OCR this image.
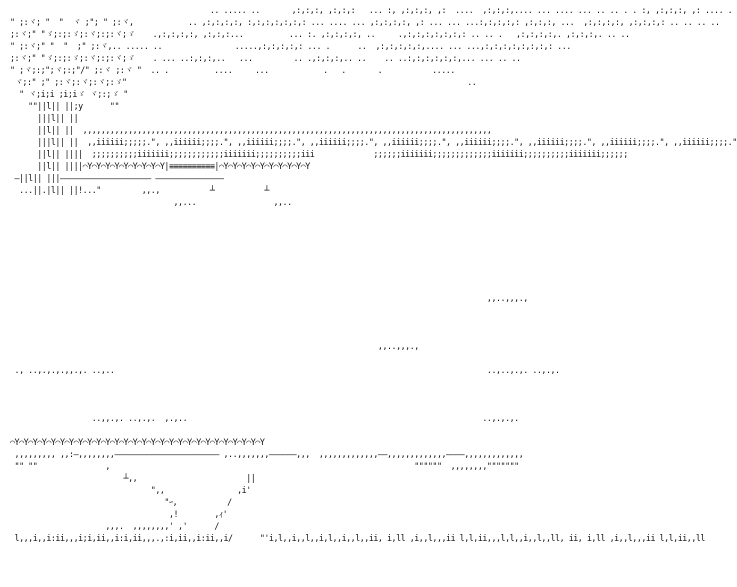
.. ..... ..       ,:,:,:, ,:,:,:   ... :, ,:,:,:, ,:  ....  ,:,:,:,.... ... .... ... .. .. . . :, ,:,:,:, ,: .... .
" ;:ヾ; "  "  ヾ ;"; " ;:ヾ,            .. ,:,:,:,:, :,:,:,:,:,:,: ... .... ... ,:,:,:,:, ,: ... ... ...:,:,:,:,: ,:,:,:, ...  ,:,:,:,:, ,:,:,:,: .. .. .. ..
;:ヾ;" "ゞ;:;:ゞ;:ヾ;:;:ヾ;ゞ    .,:,:,:,:, ,:,:,:...          ... :. ,:,:,:,:, ..     .,:,:,:,:,:,:,: .. .. .   ,:,:,:,:,. ,:,:,:,. .. ..
" ;:ヾ;" "  "  ;" ;:ヾ,.. ..... ..                .....,:,:,:,:,: ... .      ..  ,:,:,:,:,:,.... ... ...,:,:,:,:,:,:,:,: ...
;:ヾ;" "ゞ;:;:ゞ;:ヾ;:;:ヾ;ゞ    . ... ..:,:,:,..   ...         .. .,:,:,:,.. ..    .. ..:,:,:,:,:,:,... ... .. ..
" ;ヾ;:;";ヾ;:;"/" ;:ヾ ;:ヾ "  .. .          ....     ...            .   .       .           .....
ヾ;:" ;" ;:ヾ;:ヾ;:ヾ;:ゞ"                                                                           ..
" ヾ;i;i ;i;iゞ ヾ;:;ゞ "
""||l|| ||;y      ""
|||l|| ||
||l|| ||  ,,,,,,,,,,,,,,,,,,,,,,,,,,,,,,,,,,,,,,,,,,,,,,,,,,,,,,,,,,,,,,,,,,,,,,,,,,,,,,,,,,,,,,,,,,
|||l|| ||  ,,iiiiii;;;;;.", ,,iiiiii;;;;.", ,,iiiiii;;;;.", ,,iiiiii;;;;.", ,,iiiiii;;;;.", ,,iiiiii;;;;.", ,,iiiiii;;;;.", ,,iiiiii;;;;.", ,,iiiiii;;;;."
||l|| ||||  ;;;;;;;;;;iiiiiii;;;;;;;;;;;;iiiiiii;;;;;;;;;;iii             ;;;;;;iiiiiii;;;;;;;;;;;;;iiiiiii;;;;;;;;;;iiiiiii;;;;;;
||l|| ||||⌒Y⌒Y⌒Y⌒Y⌒Y⌒Y⌒Y⌒Y⌒Y|≡≡≡≡≡≡≡≡≡≡|⌒Y⌒Y⌒Y⌒Y⌒Y⌒Y⌒Y⌒Y⌒Y⌒Y
―||l|| |||―――――――――――――――――――― ―――――――――――――――
...||.|l|| ||!..."         ,,.,           ┴           ┴
,,...                 ,,..
,,..,,,.,
,,..,,,.,
., ..,.,.,.,,.,. ..,..                                                                                  ..,..,.,. ..,.,.
..,,.,. ..,.,.  ,.,..                                                                 ..,.,.,.
⌒Y⌒Y⌒Y⌒Y⌒Y⌒Y⌒Y⌒Y⌒Y⌒Y⌒Y⌒Y⌒Y⌒Y⌒Y⌒Y⌒Y⌒Y⌒Y⌒Y⌒Y⌒Y⌒Y⌒Y⌒Y⌒Y⌒Y⌒Y
,,,,,,,,, ,,:―,,,,,,,,――――――――――――――――――――――― ,..,,,,,,,――――――,,,  ,,,,,,,,,,,,,――,,,,,,,,,,,,,――――,,,,,,,,,,,,,
"" ""               ,                                                                   """"""  ,,,,,,,,"""""""
┴,,                        ||
",,                ,i'
"ｰ,           /
,!        ,ｨ'
,,,.  ,,,,,,,,' ,'      /
l,,,i,,i:ii,,,i;i,ii,,i:i,ii,,,.,:i,ii,,i:ii,,i/      "'i,l,,i,,l,,i,l,,i,,l,,ii, i,ll ,i,,l,,,ii l,l,ii,,,l,l,,i,,l,,ll, ii, i,ll ,i,,l,,,ii l,l,ii,,ll
